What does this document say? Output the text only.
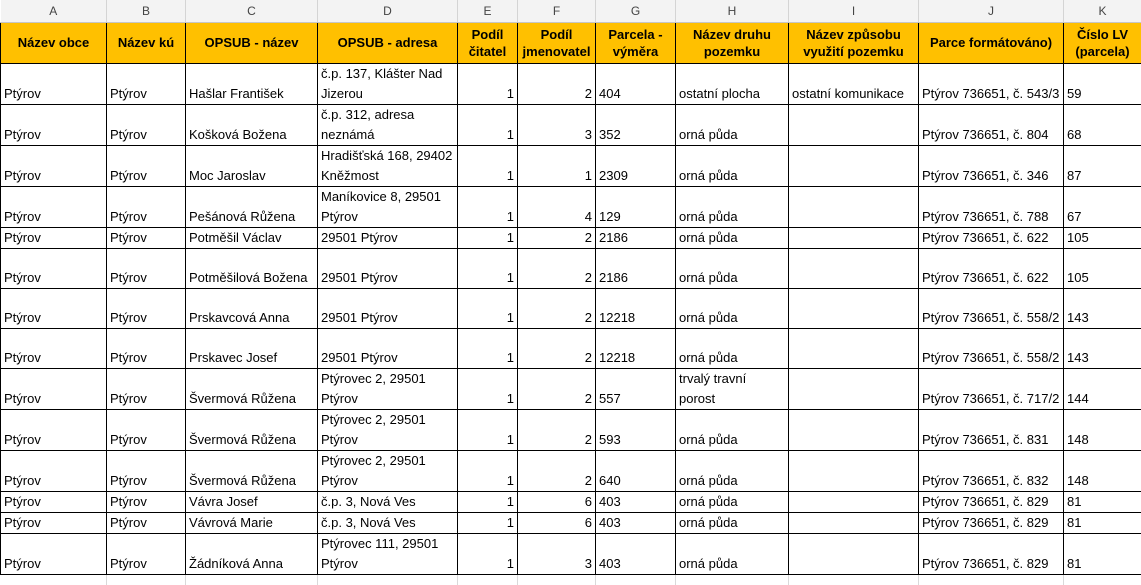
A	B	C	D	E	F	G	H	I	J	K
Název obce	Název kú	OPSUB - název	OPSUB - adresa	Podíl čitatel	Podíl jmenovatel	Parcela - výměra	Název druhu pozemku	Název způsobu využití pozemku	Parce formátováno)	Číslo LV (parcela)
Ptýrov	Ptýrov	Hašlar František	č.p. 137, Klášter Nad Jizerou	1	2	404	ostatní plocha	ostatní komunikace	Ptýrov 736651, č. 543/3	59
Ptýrov	Ptýrov	Košková Božena	č.p. 312, adresa neznámá	1	3	352	orná půda		Ptýrov 736651, č. 804	68
Ptýrov	Ptýrov	Moc Jaroslav	Hradišťská 168, 29402 Kněžmost	1	1	2309	orná půda		Ptýrov 736651, č. 346	87
Ptýrov	Ptýrov	Pešánová Růžena	Maníkovice 8, 29501 Ptýrov	1	4	129	orná půda		Ptýrov 736651, č. 788	67
Ptýrov	Ptýrov	Potměšil Václav	29501 Ptýrov	1	2	2186	orná půda		Ptýrov 736651, č. 622	105
Ptýrov	Ptýrov	Potměšilová Božena	29501 Ptýrov	1	2	2186	orná půda		Ptýrov 736651, č. 622	105
Ptýrov	Ptýrov	Prskavcová Anna	29501 Ptýrov	1	2	12218	orná půda		Ptýrov 736651, č. 558/2	143
Ptýrov	Ptýrov	Prskavec Josef	29501 Ptýrov	1	2	12218	orná půda		Ptýrov 736651, č. 558/2	143
Ptýrov	Ptýrov	Švermová Růžena	Ptýrovec 2, 29501 Ptýrov	1	2	557	trvalý travní porost		Ptýrov 736651, č. 717/2	144
Ptýrov	Ptýrov	Švermová Růžena	Ptýrovec 2, 29501 Ptýrov	1	2	593	orná půda		Ptýrov 736651, č. 831	148
Ptýrov	Ptýrov	Švermová Růžena	Ptýrovec 2, 29501 Ptýrov	1	2	640	orná půda		Ptýrov 736651, č. 832	148
Ptýrov	Ptýrov	Vávra Josef	č.p. 3, Nová Ves	1	6	403	orná půda		Ptýrov 736651, č. 829	81
Ptýrov	Ptýrov	Vávrová Marie	č.p. 3, Nová Ves	1	6	403	orná půda		Ptýrov 736651, č. 829	81
Ptýrov	Ptýrov	Žádníková Anna	Ptýrovec 111, 29501 Ptýrov	1	3	403	orná půda		Ptýrov 736651, č. 829	81
